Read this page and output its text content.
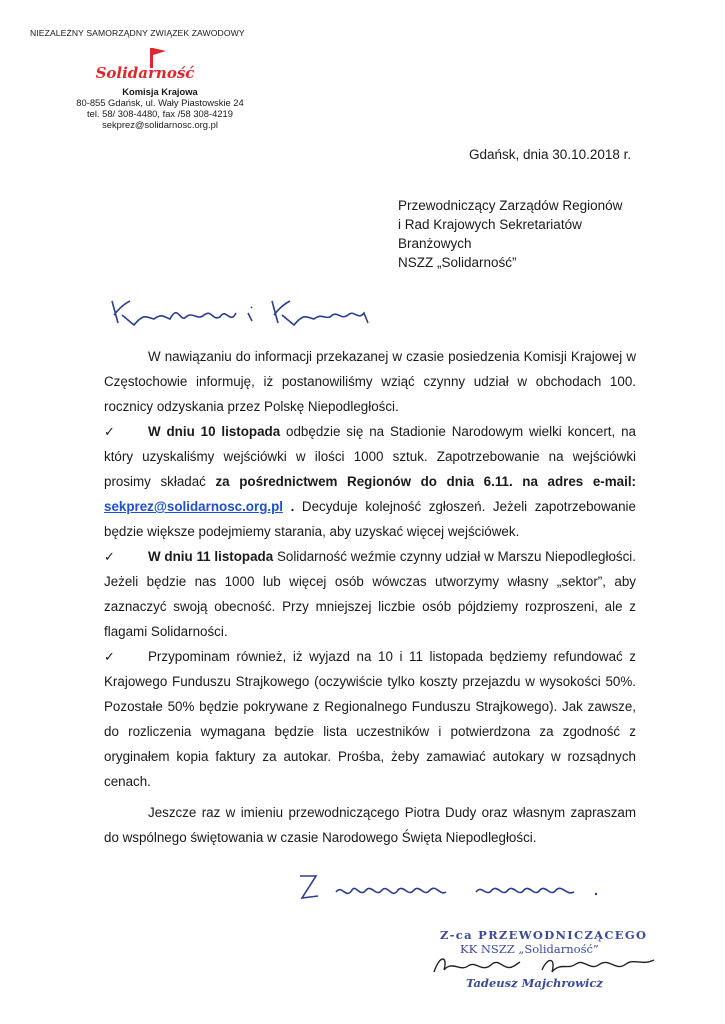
NIEZALEŻNY SAMORZĄDNY ZWIĄZEK ZAWODOWY
Solidarność
Komisja Krajowa
80-855 Gdańsk, ul. Wały Piastowskie 24
tel. 58/ 308-4480, fax /58 308-4219
sekprez@solidarnosc.org.pl
Gdańsk, dnia 30.10.2018 r.
Przewodniczący Zarządów Regionów
i Rad Krajowych Sekretariatów
Branżowych
NSZZ „Solidarność”
Koleżanki i Koledzy

W nawiązaniu do informacji przekazanej w czasie posiedzenia Komisji Krajowej w Częstochowie informuję, iż postanowiliśmy wziąć czynny udział w obchodach 100. rocznicy odzyskania przez Polskę Niepodległości.

✓ W dniu 10 listopada odbędzie się na Stadionie Narodowym wielki koncert, na który uzyskaliśmy wejściówki w ilości 1000 sztuk. Zapotrzebowanie na wejściówki prosimy składać za pośrednictwem Regionów do dnia 6.11. na adres e-mail: sekprez@solidarnosc.org.pl . Decyduje kolejność zgłoszeń. Jeżeli zapotrzebowanie będzie większe podejmiemy starania, aby uzyskać więcej wejściówek.

✓ W dniu 11 listopada Solidarność weźmie czynny udział w Marszu Niepodległości. Jeżeli będzie nas 1000 lub więcej osób wówczas utworzymy własny „sektor”, aby zaznaczyć swoją obecność. Przy mniejszej liczbie osób pójdziemy rozproszeni, ale z flagami Solidarności.

✓ Przypominam również, iż wyjazd na 10 i 11 listopada będziemy refundować z Krajowego Funduszu Strajkowego (oczywiście tylko koszty przejazdu w wysokości 50%. Pozostałe 50% będzie pokrywane z Regionalnego Funduszu Strajkowego). Jak zawsze, do rozliczenia wymagana będzie lista uczestników i potwierdzona za zgodność z oryginałem kopia faktury za autokar. Prośba, żeby zamawiać autokary w rozsądnych cenach.

Jeszcze raz w imieniu przewodniczącego Piotra Dudy oraz własnym zapraszam do wspólnego świętowania w czasie Narodowego Święta Niepodległości.

Z wyrazami szacunku
Z-ca PRZEWODNICZĄCEGO
KK NSZZ „Solidarność”
Tadeusz Majchrowicz
